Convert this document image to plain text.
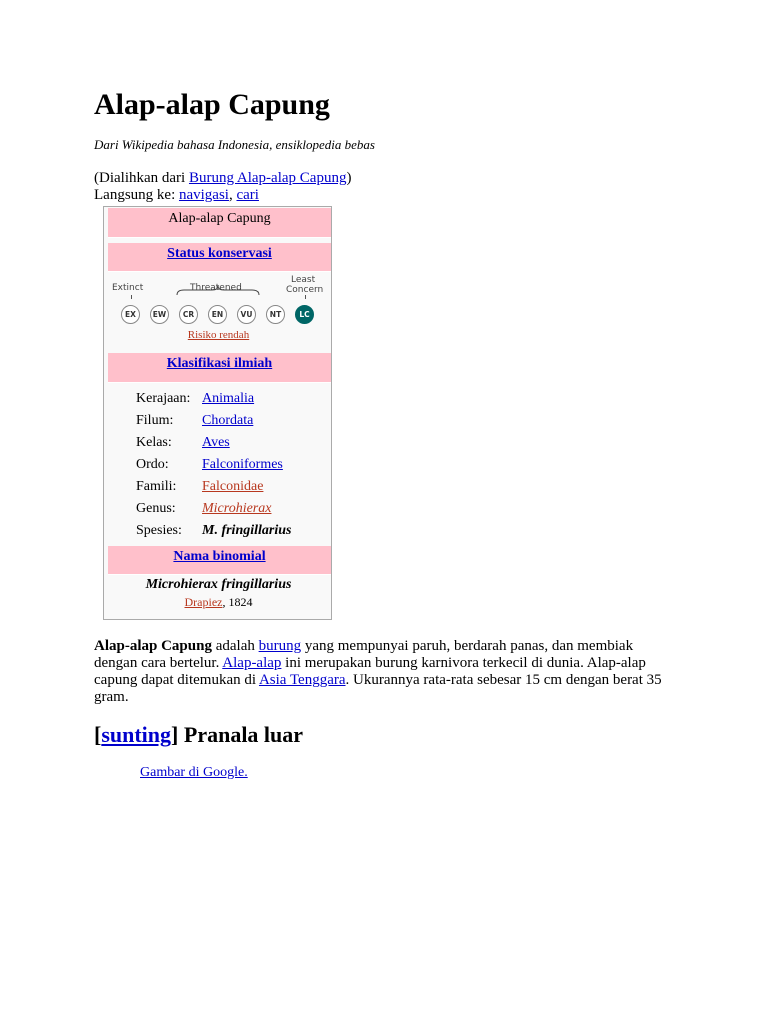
Alap-alap Capung
Dari Wikipedia bahasa Indonesia, ensiklopedia bebas
(Dialihkan dari Burung Alap-alap Capung)
Langsung ke: navigasi, cari
Alap-alap Capung
Status konservasi
Extinct	Threatened
Least
Concern
EX	EW	CR	EN	VU	NT	LC
Risiko rendah
Klasifikasi ilmiah
Kerajaan: Animalia
Filum: Chordata
Kelas: Aves
Ordo: Falconiformes
Famili: Falconidae
Genus: Microhierax
Spesies: M. fringillarius
Nama binomial
Microhierax fringillarius
Drapiez, 1824

Alap-alap Capung adalah burung yang mempunyai paruh, berdarah panas, dan membiak dengan cara bertelur. Alap-alap ini merupakan burung karnivora terkecil di dunia. Alap-alap capung dapat ditemukan di Asia Tenggara. Ukurannya rata-rata sebesar 15 cm dengan berat 35 gram.

[sunting] Pranala luar
Gambar di Google.
